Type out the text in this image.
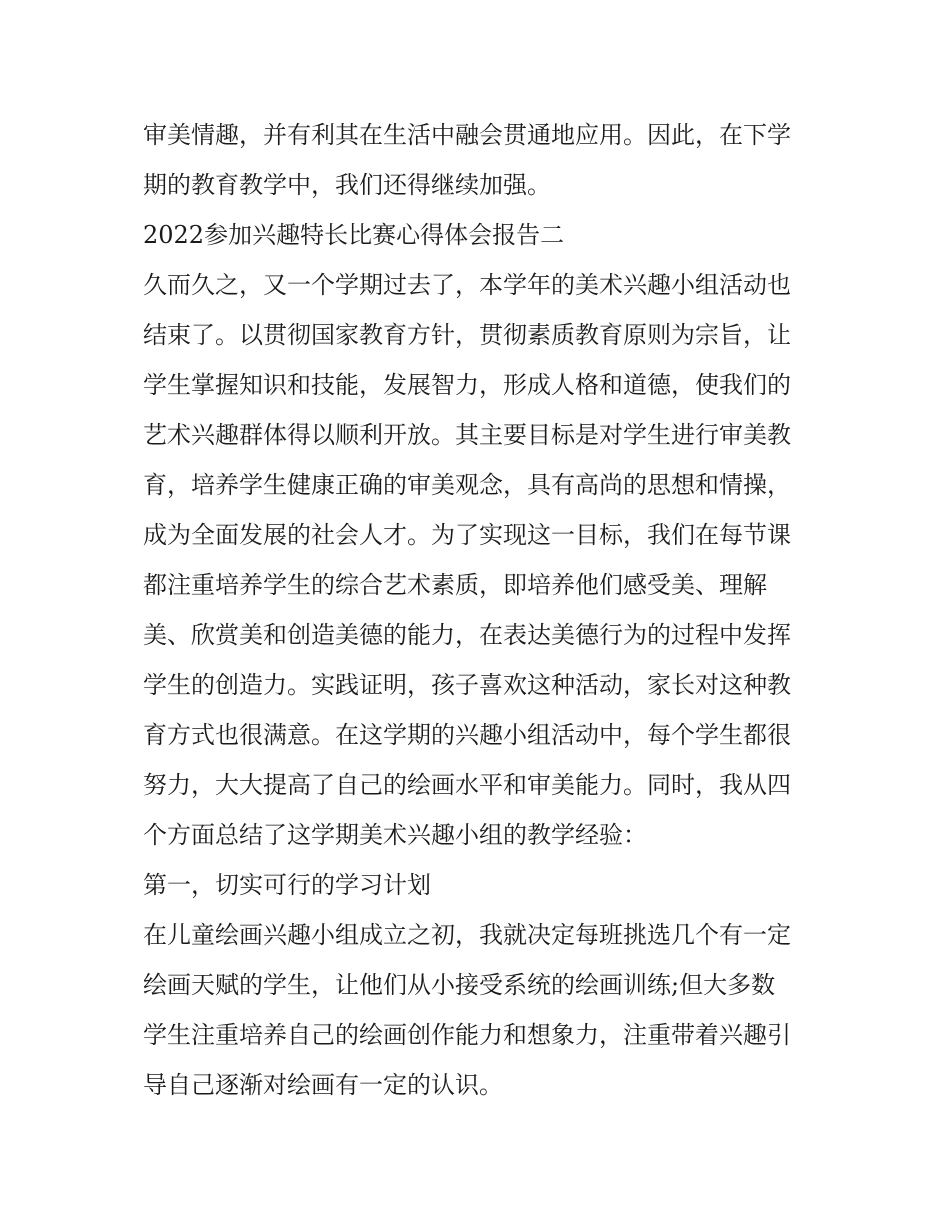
审美情趣，并有利其在生活中融会贯通地应用。因此，在下学
期的教育教学中，我们还得继续加强。
2022参加兴趣特长比赛心得体会报告二
久而久之，又一个学期过去了，本学年的美术兴趣小组活动也
结束了。以贯彻国家教育方针，贯彻素质教育原则为宗旨，让
学生掌握知识和技能，发展智力，形成人格和道德，使我们的
艺术兴趣群体得以顺利开放。其主要目标是对学生进行审美教
育，培养学生健康正确的审美观念，具有高尚的思想和情操，
成为全面发展的社会人才。为了实现这一目标，我们在每节课
都注重培养学生的综合艺术素质，即培养他们感受美、理解
美、欣赏美和创造美德的能力，在表达美德行为的过程中发挥
学生的创造力。实践证明，孩子喜欢这种活动，家长对这种教
育方式也很满意。在这学期的兴趣小组活动中，每个学生都很
努力，大大提高了自己的绘画水平和审美能力。同时，我从四
个方面总结了这学期美术兴趣小组的教学经验：
第一，切实可行的学习计划
在儿童绘画兴趣小组成立之初，我就决定每班挑选几个有一定
绘画天赋的学生，让他们从小接受系统的绘画训练;但大多数
学生注重培养自己的绘画创作能力和想象力，注重带着兴趣引
导自己逐渐对绘画有一定的认识。
